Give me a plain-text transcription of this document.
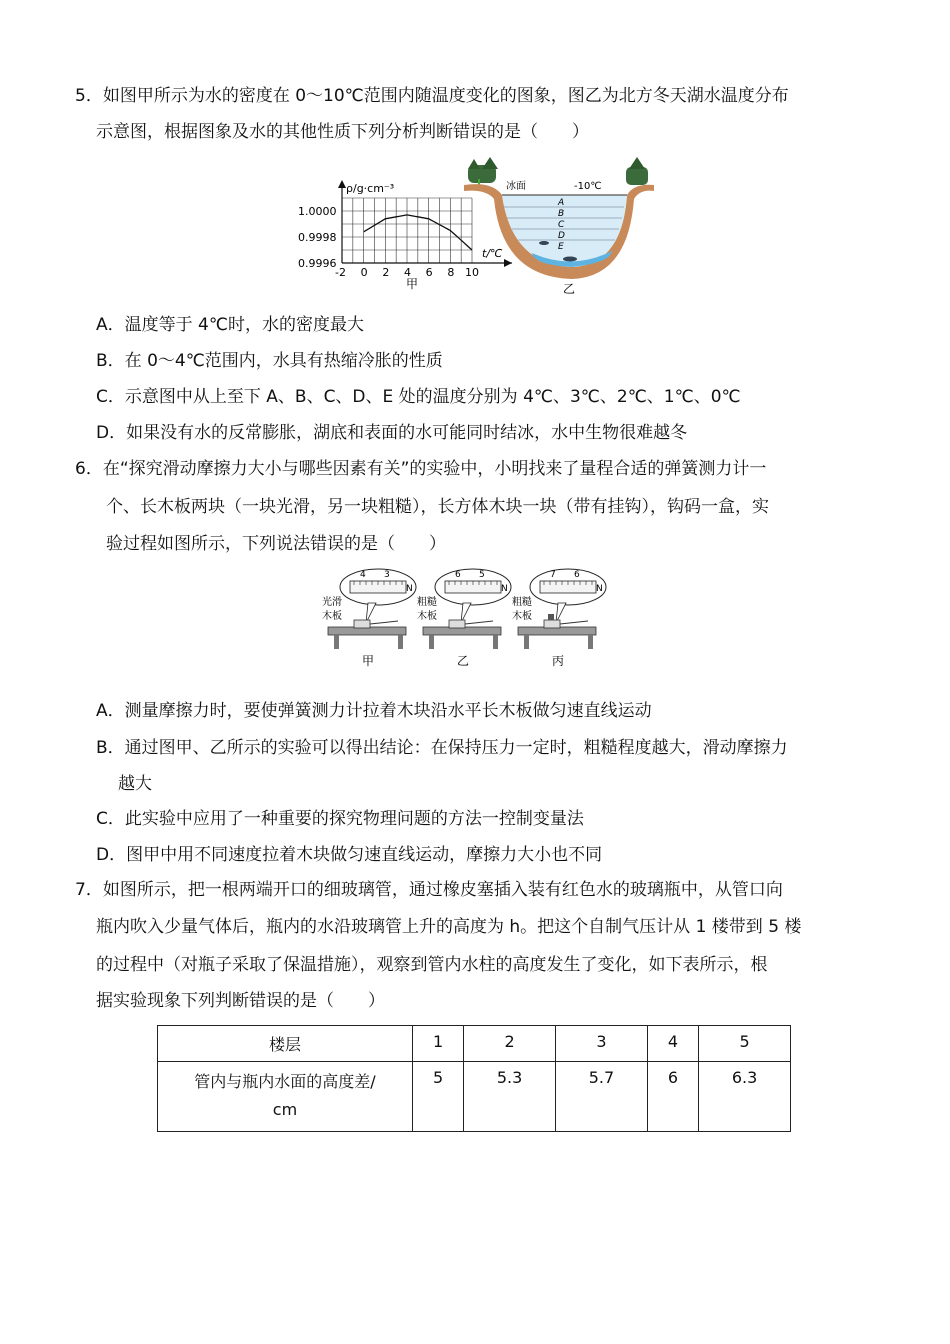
5．如图甲所示为水的密度在 0～10℃范围内随温度变化的图象，图乙为北方冬天湖水温度分布
示意图，根据图象及水的其他性质下列分析判断错误的是（　　）
ρ/g·cm⁻³
t/℃
1.0000
0.9998
0.9996
-2 0 2 4 6 8 10
甲
冰面	-10℃
A
B
C
D
E
乙
A．温度等于 4℃时，水的密度最大
B．在 0～4℃范围内，水具有热缩冷胀的性质
C．示意图中从上至下 A、B、C、D、E 处的温度分别为 4℃、3℃、2℃、1℃、0℃
D．如果没有水的反常膨胀，湖底和表面的水可能同时结冰，水中生物很难越冬
6．在“探究滑动摩擦力大小与哪些因素有关”的实验中，小明找来了量程合适的弹簧测力计一
个、长木板两块（一块光滑，另一块粗糙），长方体木块一块（带有挂钩），钩码一盒，实
验过程如图所示，下列说法错误的是（　　）
光滑
木板
4 3
N
甲
粗糙
木板
6 5
N
乙
粗糙
木板
7 6
N
丙
A．测量摩擦力时，要使弹簧测力计拉着木块沿水平长木板做匀速直线运动
B．通过图甲、乙所示的实验可以得出结论：在保持压力一定时，粗糙程度越大，滑动摩擦力
越大
C．此实验中应用了一种重要的探究物理问题的方法一控制变量法
D．图甲中用不同速度拉着木块做匀速直线运动，摩擦力大小也不同
7．如图所示，把一根两端开口的细玻璃管，通过橡皮塞插入装有红色水的玻璃瓶中，从管口向
瓶内吹入少量气体后，瓶内的水沿玻璃管上升的高度为 h。把这个自制气压计从 1 楼带到 5 楼
的过程中（对瓶子采取了保温措施），观察到管内水柱的高度发生了变化，如下表所示，根
据实验现象下列判断错误的是（　　）
楼层	1	2	3	4	5

管内与瓶内水面的高度差/
cm	5	5.3	5.7	6	6.3
